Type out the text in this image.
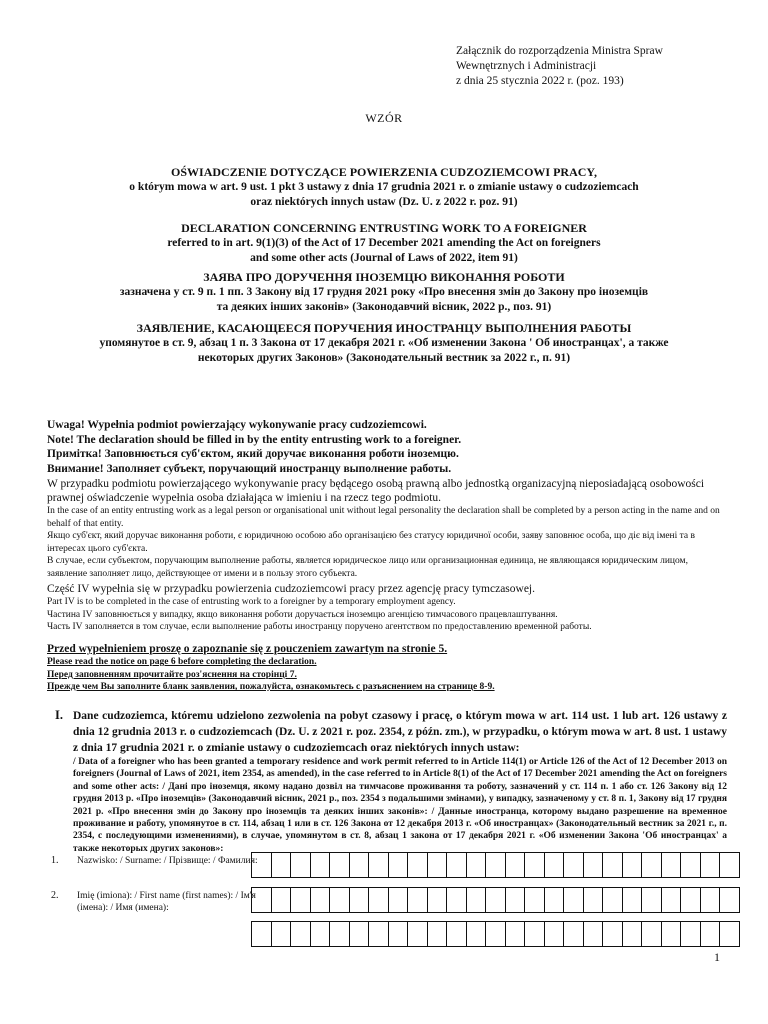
Załącznik do rozporządzenia Ministra Spraw
Wewnętrznych i Administracji
z dnia 25 stycznia 2022 r. (poz. 193)
WZÓR
OŚWIADCZENIE DOTYCZĄCE POWIERZENIA CUDZOZIEMCOWI PRACY,
o którym mowa w art. 9 ust. 1 pkt 3 ustawy z dnia 17 grudnia 2021 r. o zmianie ustawy o cudzoziemcach
oraz niektórych innych ustaw (Dz. U. z 2022 r. poz. 91)
DECLARATION CONCERNING ENTRUSTING WORK TO A FOREIGNER
referred to in art. 9(1)(3) of the Act of 17 December 2021 amending the Act on foreigners
and some other acts (Journal of Laws of 2022, item 91)
ЗАЯВА ПРО ДОРУЧЕННЯ ІНОЗЕМЦЮ ВИКОНАННЯ РОБОТИ
зазначена у ст. 9 п. 1 пп. 3 Закону від 17 грудня 2021 року «Про внесення змін до Закону про іноземців
та деяких інших законів» (Законодавчий вісник, 2022 р., поз. 91)
ЗАЯВЛЕНИЕ, КАСАЮЩЕЕСЯ ПОРУЧЕНИЯ ИНОСТРАНЦУ ВЫПОЛНЕНИЯ РАБОТЫ
упомянутое в ст. 9, абзац 1 п. 3 Закона от 17 декабря 2021 г. «Об изменении Закона ' Об иностранцах', а также
некоторых других Законов» (Законодательный вестник за 2022 г., п. 91)
Uwaga! Wypełnia podmiot powierzający wykonywanie pracy cudzoziemcowi.
Note! The declaration should be filled in by the entity entrusting work to a foreigner.
Примітка! Заповнюється суб'єктом, який доручає виконання роботи іноземцю.
Внимание! Заполняет субъект, поручающий иностранцу выполнение работы.
W przypadku podmiotu powierzającego wykonywanie pracy będącego osobą prawną albo jednostką organizacyjną nieposiadającą osobowości prawnej oświadczenie wypełnia osoba działająca w imieniu i na rzecz tego podmiotu.
In the case of an entity entrusting work as a legal person or organisational unit without legal personality the declaration shall be completed by a person acting in the name and on behalf of that entity.
Якщо суб'єкт, який доручає виконання роботи, є юридичною особою або організацією без статусу юридичної особи, заяву заповнює особа, що діє від імені та в інтересах цього суб'єкта.
В случае, если субъектом, поручающим выполнение работы, является юридическое лицо или организационная единица, не являющаяся юридическим лицом, заявление заполняет лицо, действующее от имени и в пользу этого субъекта.
Część IV wypełnia się w przypadku powierzenia cudzoziemcowi pracy przez agencję pracy tymczasowej.
Part IV is to be completed in the case of entrusting work to a foreigner by a temporary employment agency.
Частина IV заповнюється у випадку, якщо виконання роботи доручається іноземцю агенцією тимчасового працевлаштування.
Часть IV заполняется в том случае, если выполнение работы иностранцу поручено агентством по предоставлению временной работы.
Przed wypełnieniem proszę o zapoznanie się z pouczeniem zawartym na stronie 5.
Please read the notice on page 6 before completing the declaration.
Перед заповненням прочитайте роз'яснення на сторінці 7.
Прежде чем Вы заполните бланк заявления, пожалуйста, ознакомьтесь с разъяснением на странице 8-9.
I. Dane cudzoziemca, któremu udzielono zezwolenia na pobyt czasowy i pracę, o którym mowa w art. 114 ust. 1 lub art. 126 ustawy z dnia 12 grudnia 2013 r. o cudzoziemcach (Dz. U. z 2021 r. poz. 2354, z późn. zm.), w przypadku, o którym mowa w art. 8 ust. 1 ustawy z dnia 17 grudnia 2021 r. o zmianie ustawy o cudzoziemcach oraz niektórych innych ustaw:
/ Data of a foreigner who has been granted a temporary residence and work permit referred to in Article 114(1) or Article 126 of the Act of 12 December 2013 on foreigners (Journal of Laws of 2021, item 2354, as amended), in the case referred to in Article 8(1) of the Act of 17 December 2021 amending the Act on foreigners and some other acts: / Дані про іноземця, якому надано дозвіл на тимчасове проживання та роботу, зазначений у ст. 114 п. 1 або ст. 126 Закону від 12 грудня 2013 р. «Про іноземців» (Законодавчий вісник, 2021 р., поз. 2354 з подальшими змінами), у випадку, зазначеному у ст. 8 п. 1, Закону від 17 грудня 2021 р. «Про внесення змін до Закону про іноземців та деяких інших законів»: / Данные иностранца, которому выдано разрешение на временное проживание и работу, упомянутое в ст. 114, абзац 1 или в ст. 126 Закона от 12 декабря 2013 г. «Об иностранцах» (Законодательный вестник за 2021 г., п. 2354, с последующими изменениями), в случае, упомянутом в ст. 8, абзац 1 закона от 17 декабря 2021 г. «Об изменении Закона 'Об иностранцах' а также некоторых других законов»:
1. Nazwisko: / Surname: / Прізвище: / Фамилия:
2. Imię (imiona): / First name (first names): / Ім'я (імена): / Имя (имена):
1
